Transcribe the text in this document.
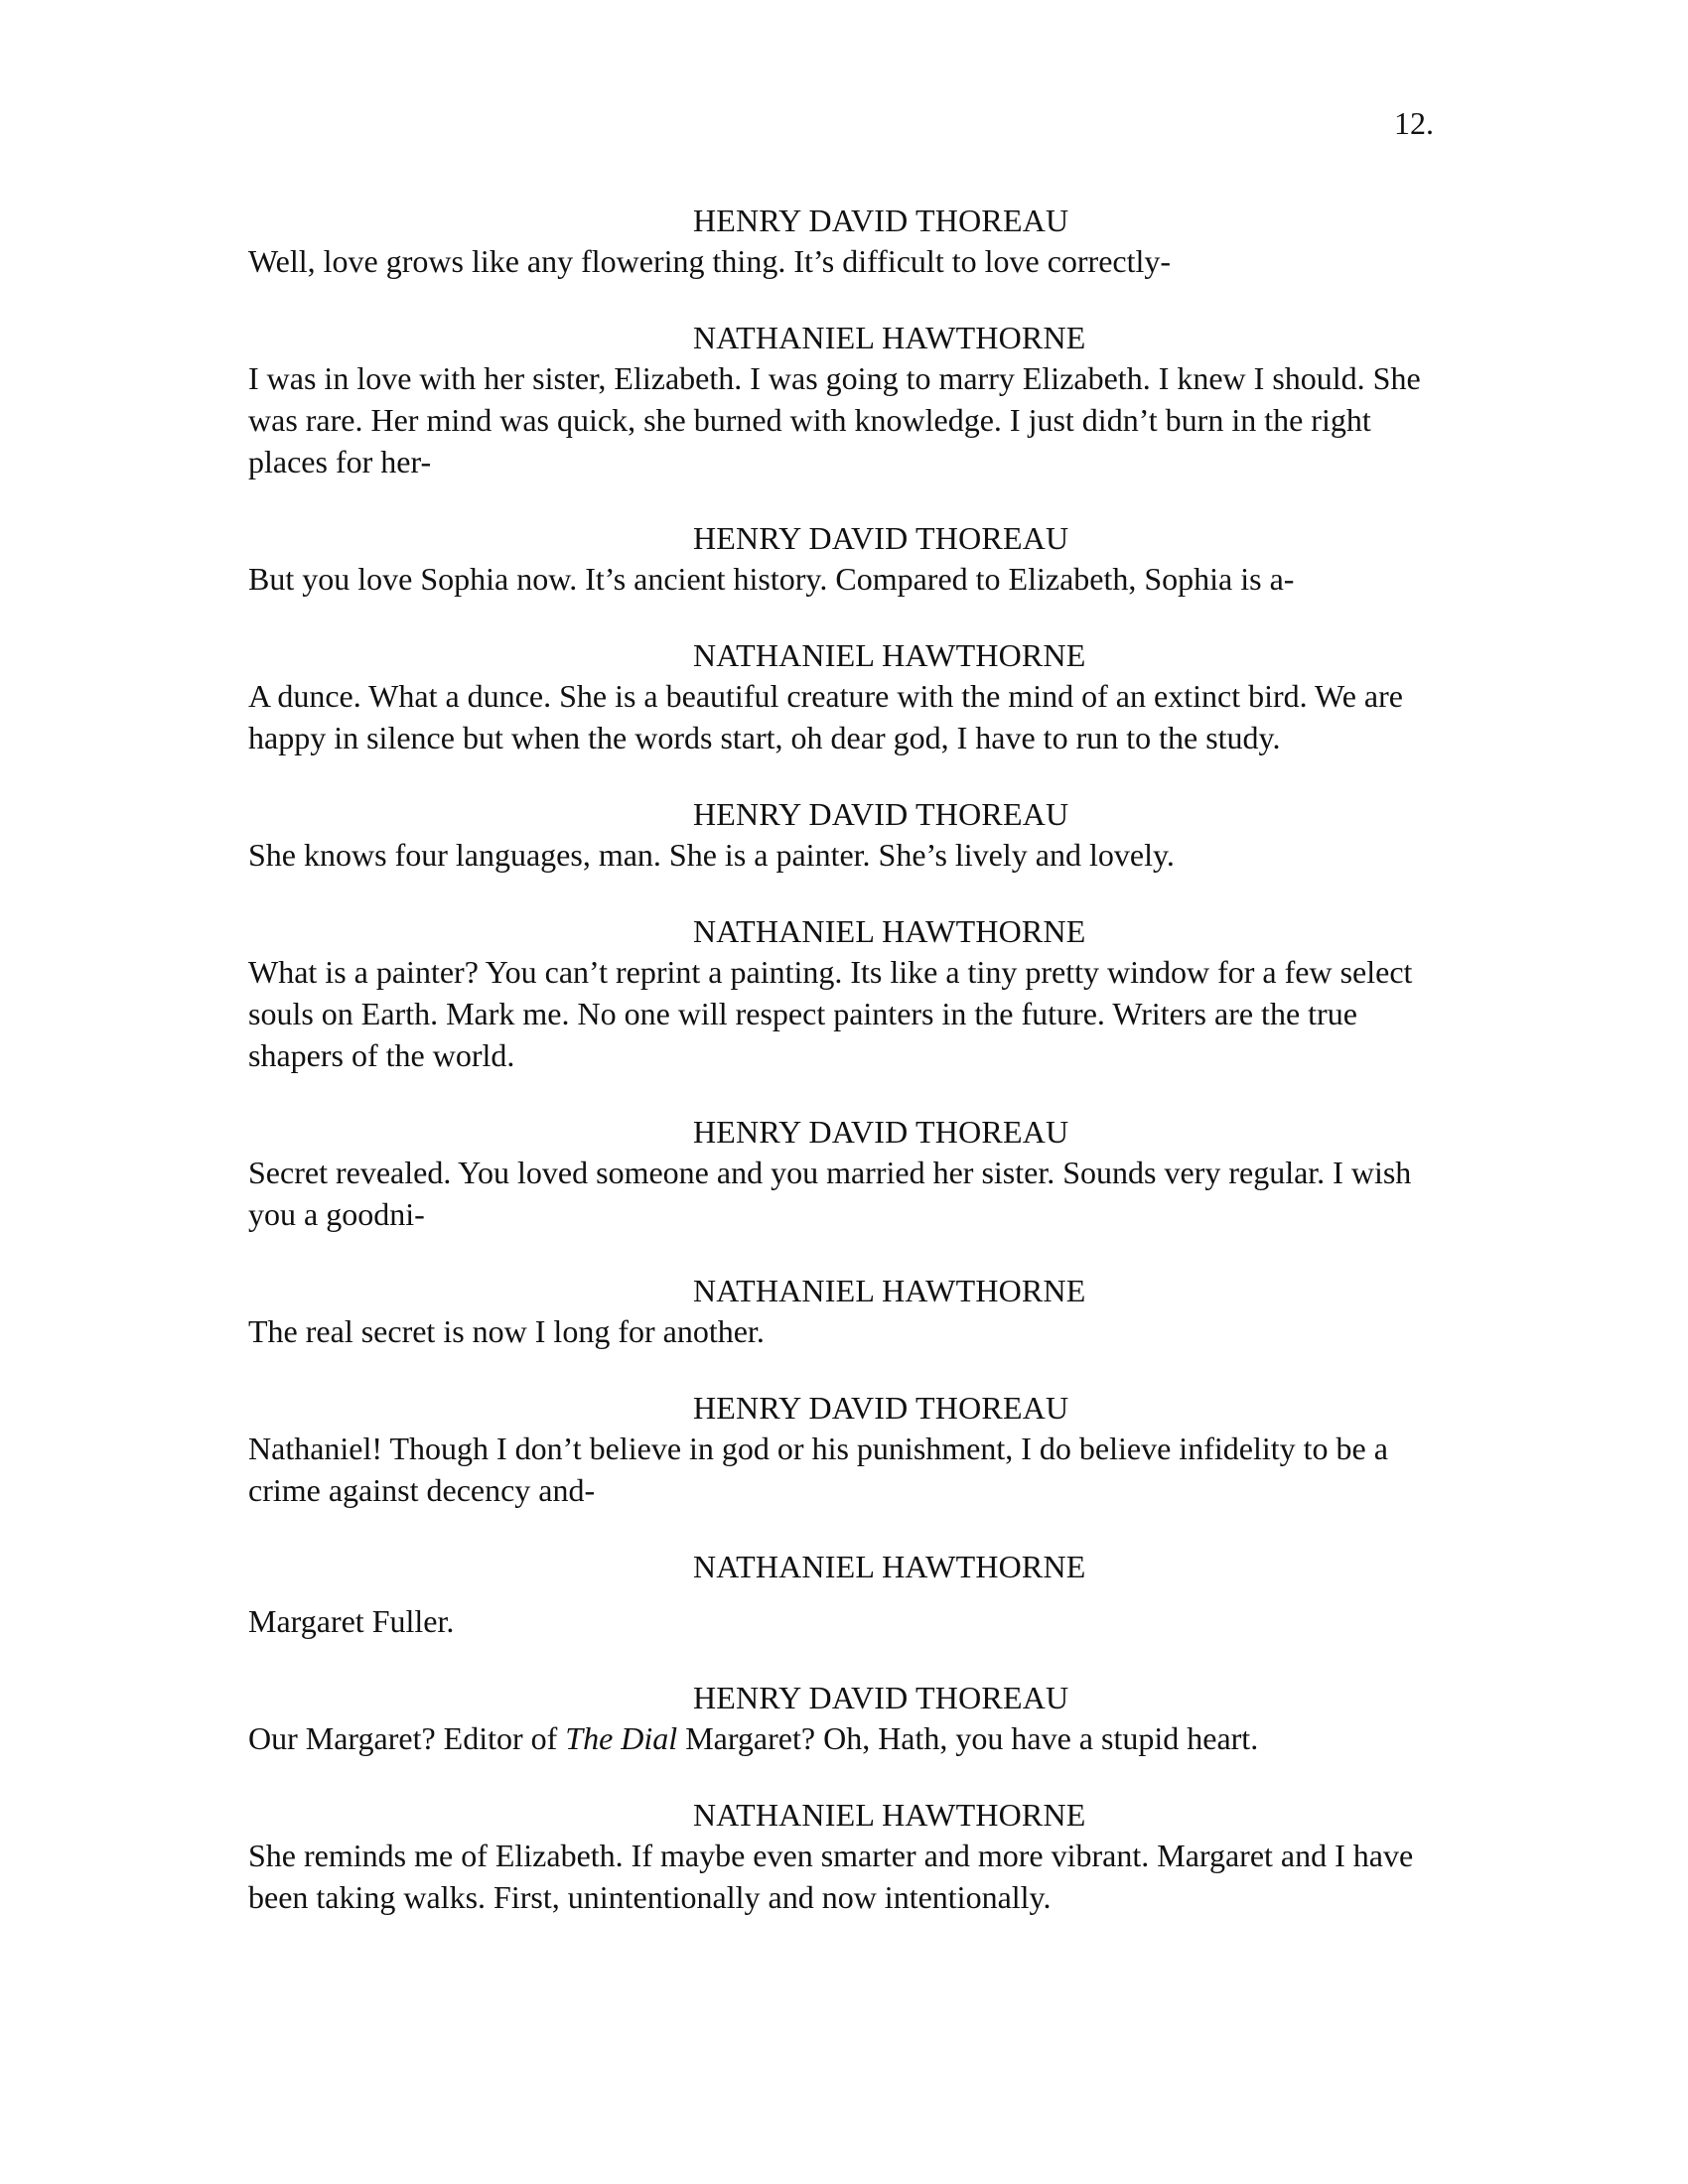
12.
HENRY DAVID THOREAU
Well, love grows like any flowering thing. It’s difficult to love correctly-
NATHANIEL HAWTHORNE
I was in love with her sister, Elizabeth. I was going to marry Elizabeth. I knew I should. She was rare. Her mind was quick, she burned with knowledge. I just didn’t burn in the right places for her-
HENRY DAVID THOREAU
But you love Sophia now. It’s ancient history. Compared to Elizabeth, Sophia is a-
NATHANIEL HAWTHORNE
A dunce. What a dunce. She is a beautiful creature with the mind of an extinct bird. We are happy in silence but when the words start, oh dear god, I have to run to the study.
HENRY DAVID THOREAU
She knows four languages, man. She is a painter. She’s lively and lovely.
NATHANIEL HAWTHORNE
What is a painter? You can’t reprint a painting. Its like a tiny pretty window for a few select souls on Earth. Mark me. No one will respect painters in the future. Writers are the true shapers of the world.
HENRY DAVID THOREAU
Secret revealed. You loved someone and you married her sister. Sounds very regular. I wish you a goodni-
NATHANIEL HAWTHORNE
The real secret is now I long for another.
HENRY DAVID THOREAU
Nathaniel! Though I don’t believe in god or his punishment, I do believe infidelity to be a crime against decency and-
NATHANIEL HAWTHORNE
Margaret Fuller.
HENRY DAVID THOREAU
Our Margaret? Editor of The Dial Margaret? Oh, Hath, you have a stupid heart.
NATHANIEL HAWTHORNE
She reminds me of Elizabeth. If maybe even smarter and more vibrant. Margaret and I have been taking walks. First, unintentionally and now intentionally.
